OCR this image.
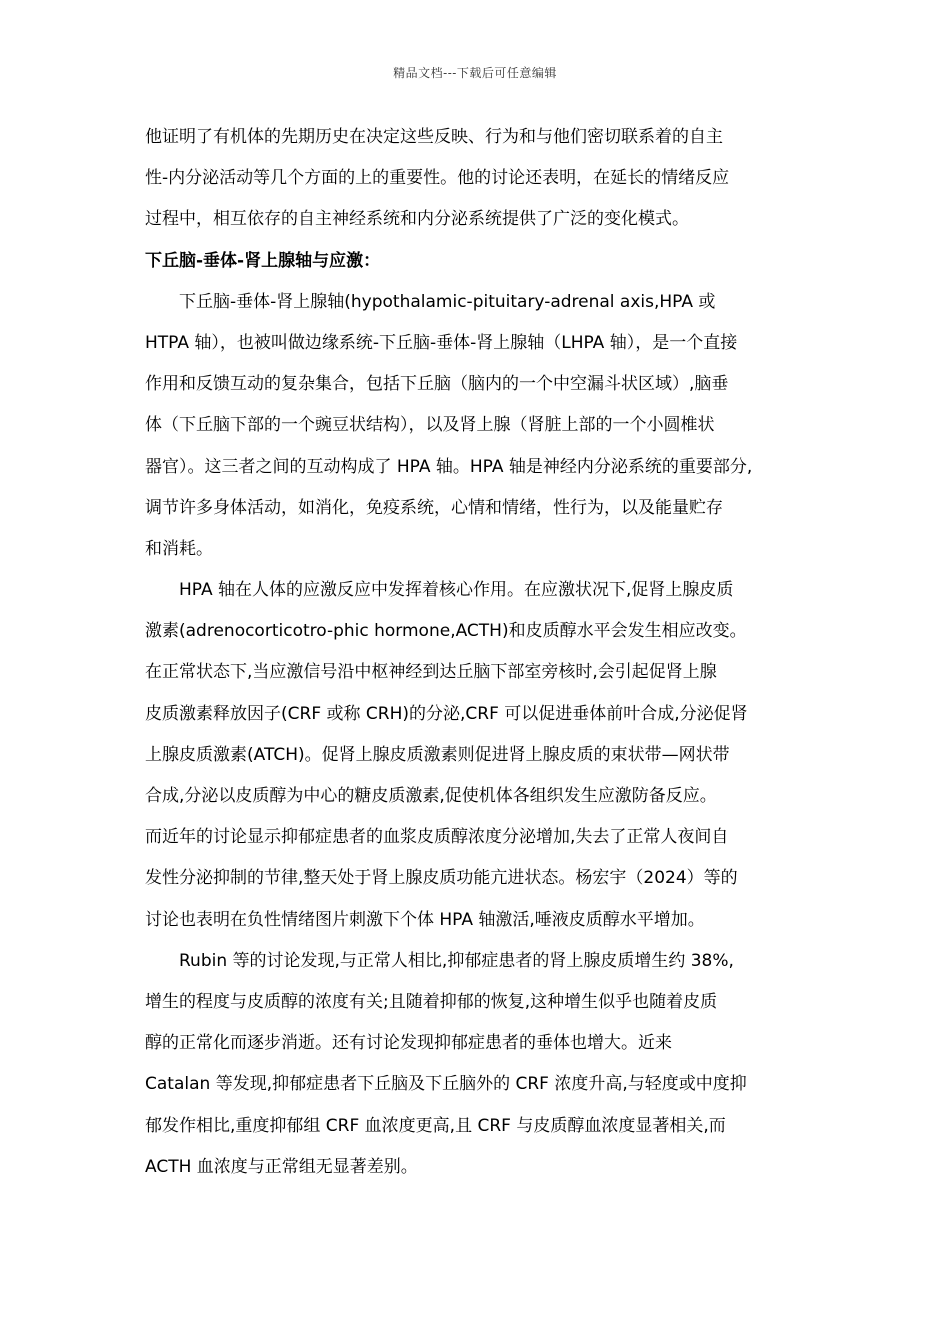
精品文档---下载后可任意编辑
他证明了有机体的先期历史在决定这些反映、行为和与他们密切联系着的自主
性-内分泌活动等几个方面的上的重要性。他的讨论还表明，在延长的情绪反应
过程中，相互依存的自主神经系统和内分泌系统提供了广泛的变化模式。
下丘脑-垂体-肾上腺轴与应激：
下丘脑-垂体-肾上腺轴(hypothalamic-pituitary-adrenal axis,HPA 或
HTPA 轴），也被叫做边缘系统-下丘脑-垂体-肾上腺轴（LHPA 轴），是一个直接
作用和反馈互动的复杂集合，包括下丘脑（脑内的一个中空漏斗状区域）,脑垂
体（下丘脑下部的一个豌豆状结构），以及肾上腺（肾脏上部的一个小圆椎状
器官）。这三者之间的互动构成了 HPA 轴。HPA 轴是神经内分泌系统的重要部分,
调节许多身体活动，如消化，免疫系统，心情和情绪，性行为，以及能量贮存
和消耗。
HPA 轴在人体的应激反应中发挥着核心作用。在应激状况下,促肾上腺皮质
激素(adrenocorticotro-phic hormone,ACTH)和皮质醇水平会发生相应改变。
在正常状态下,当应激信号沿中枢神经到达丘脑下部室旁核时,会引起促肾上腺
皮质激素释放因子(CRF 或称 CRH)的分泌,CRF 可以促进垂体前叶合成,分泌促肾
上腺皮质激素(ATCH)。促肾上腺皮质激素则促进肾上腺皮质的束状带—网状带
合成,分泌以皮质醇为中心的糖皮质激素,促使机体各组织发生应激防备反应。
而近年的讨论显示抑郁症患者的血浆皮质醇浓度分泌增加,失去了正常人夜间自
发性分泌抑制的节律,整天处于肾上腺皮质功能亢进状态。杨宏宇（2024）等的
讨论也表明在负性情绪图片刺激下个体 HPA 轴激活,唾液皮质醇水平增加。
Rubin 等的讨论发现,与正常人相比,抑郁症患者的肾上腺皮质增生约 38%,
增生的程度与皮质醇的浓度有关;且随着抑郁的恢复,这种增生似乎也随着皮质
醇的正常化而逐步消逝。还有讨论发现抑郁症患者的垂体也增大。近来
Catalan 等发现,抑郁症患者下丘脑及下丘脑外的 CRF 浓度升高,与轻度或中度抑
郁发作相比,重度抑郁组 CRF 血浓度更高,且 CRF 与皮质醇血浓度显著相关,而
ACTH 血浓度与正常组无显著差别。
